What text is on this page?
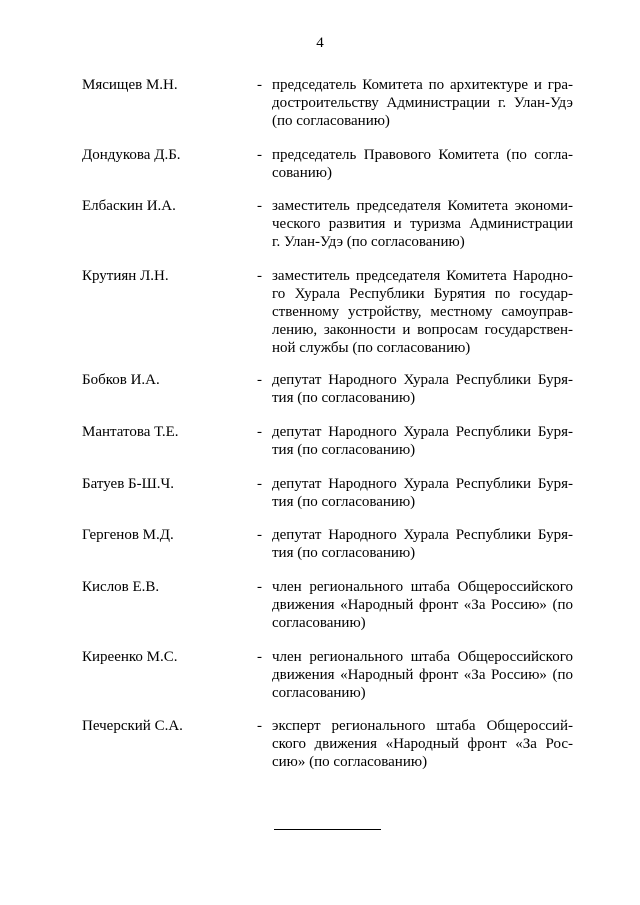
4
Мясищев М.Н.	- председатель Комитета по архитектуре и гра-
достроительству Администрации г. Улан-Удэ
(по согласованию)
Дондукова Д.Б.	- председатель Правового Комитета (по согла-
сованию)
Елбаскин И.А.	- заместитель председателя Комитета экономи-
ческого развития и туризма Администрации
г. Улан-Удэ (по согласованию)
Крутиян Л.Н.	- заместитель председателя Комитета Народно-
го Хурала Республики Бурятия по государ-
ственному устройству, местному самоуправ-
лению, законности и вопросам государствен-
ной службы (по согласованию)
Бобков И.А.	- депутат Народного Хурала Республики Буря-
тия (по согласованию)
Мантатова Т.Е.	- депутат Народного Хурала Республики Буря-
тия (по согласованию)
Батуев Б-Ш.Ч.	- депутат Народного Хурала Республики Буря-
тия (по согласованию)
Гергенов М.Д.	- депутат Народного Хурала Республики Буря-
тия (по согласованию)
Кислов Е.В.	- член регионального штаба Общероссийского
движения «Народный фронт «За Россию» (по
согласованию)
Киреенко М.С.	- член регионального штаба Общероссийского
движения «Народный фронт «За Россию» (по
согласованию)
Печерский С.А.	- эксперт регионального штаба Общероссий-
ского движения «Народный фронт «За Рос-
сию» (по согласованию)
